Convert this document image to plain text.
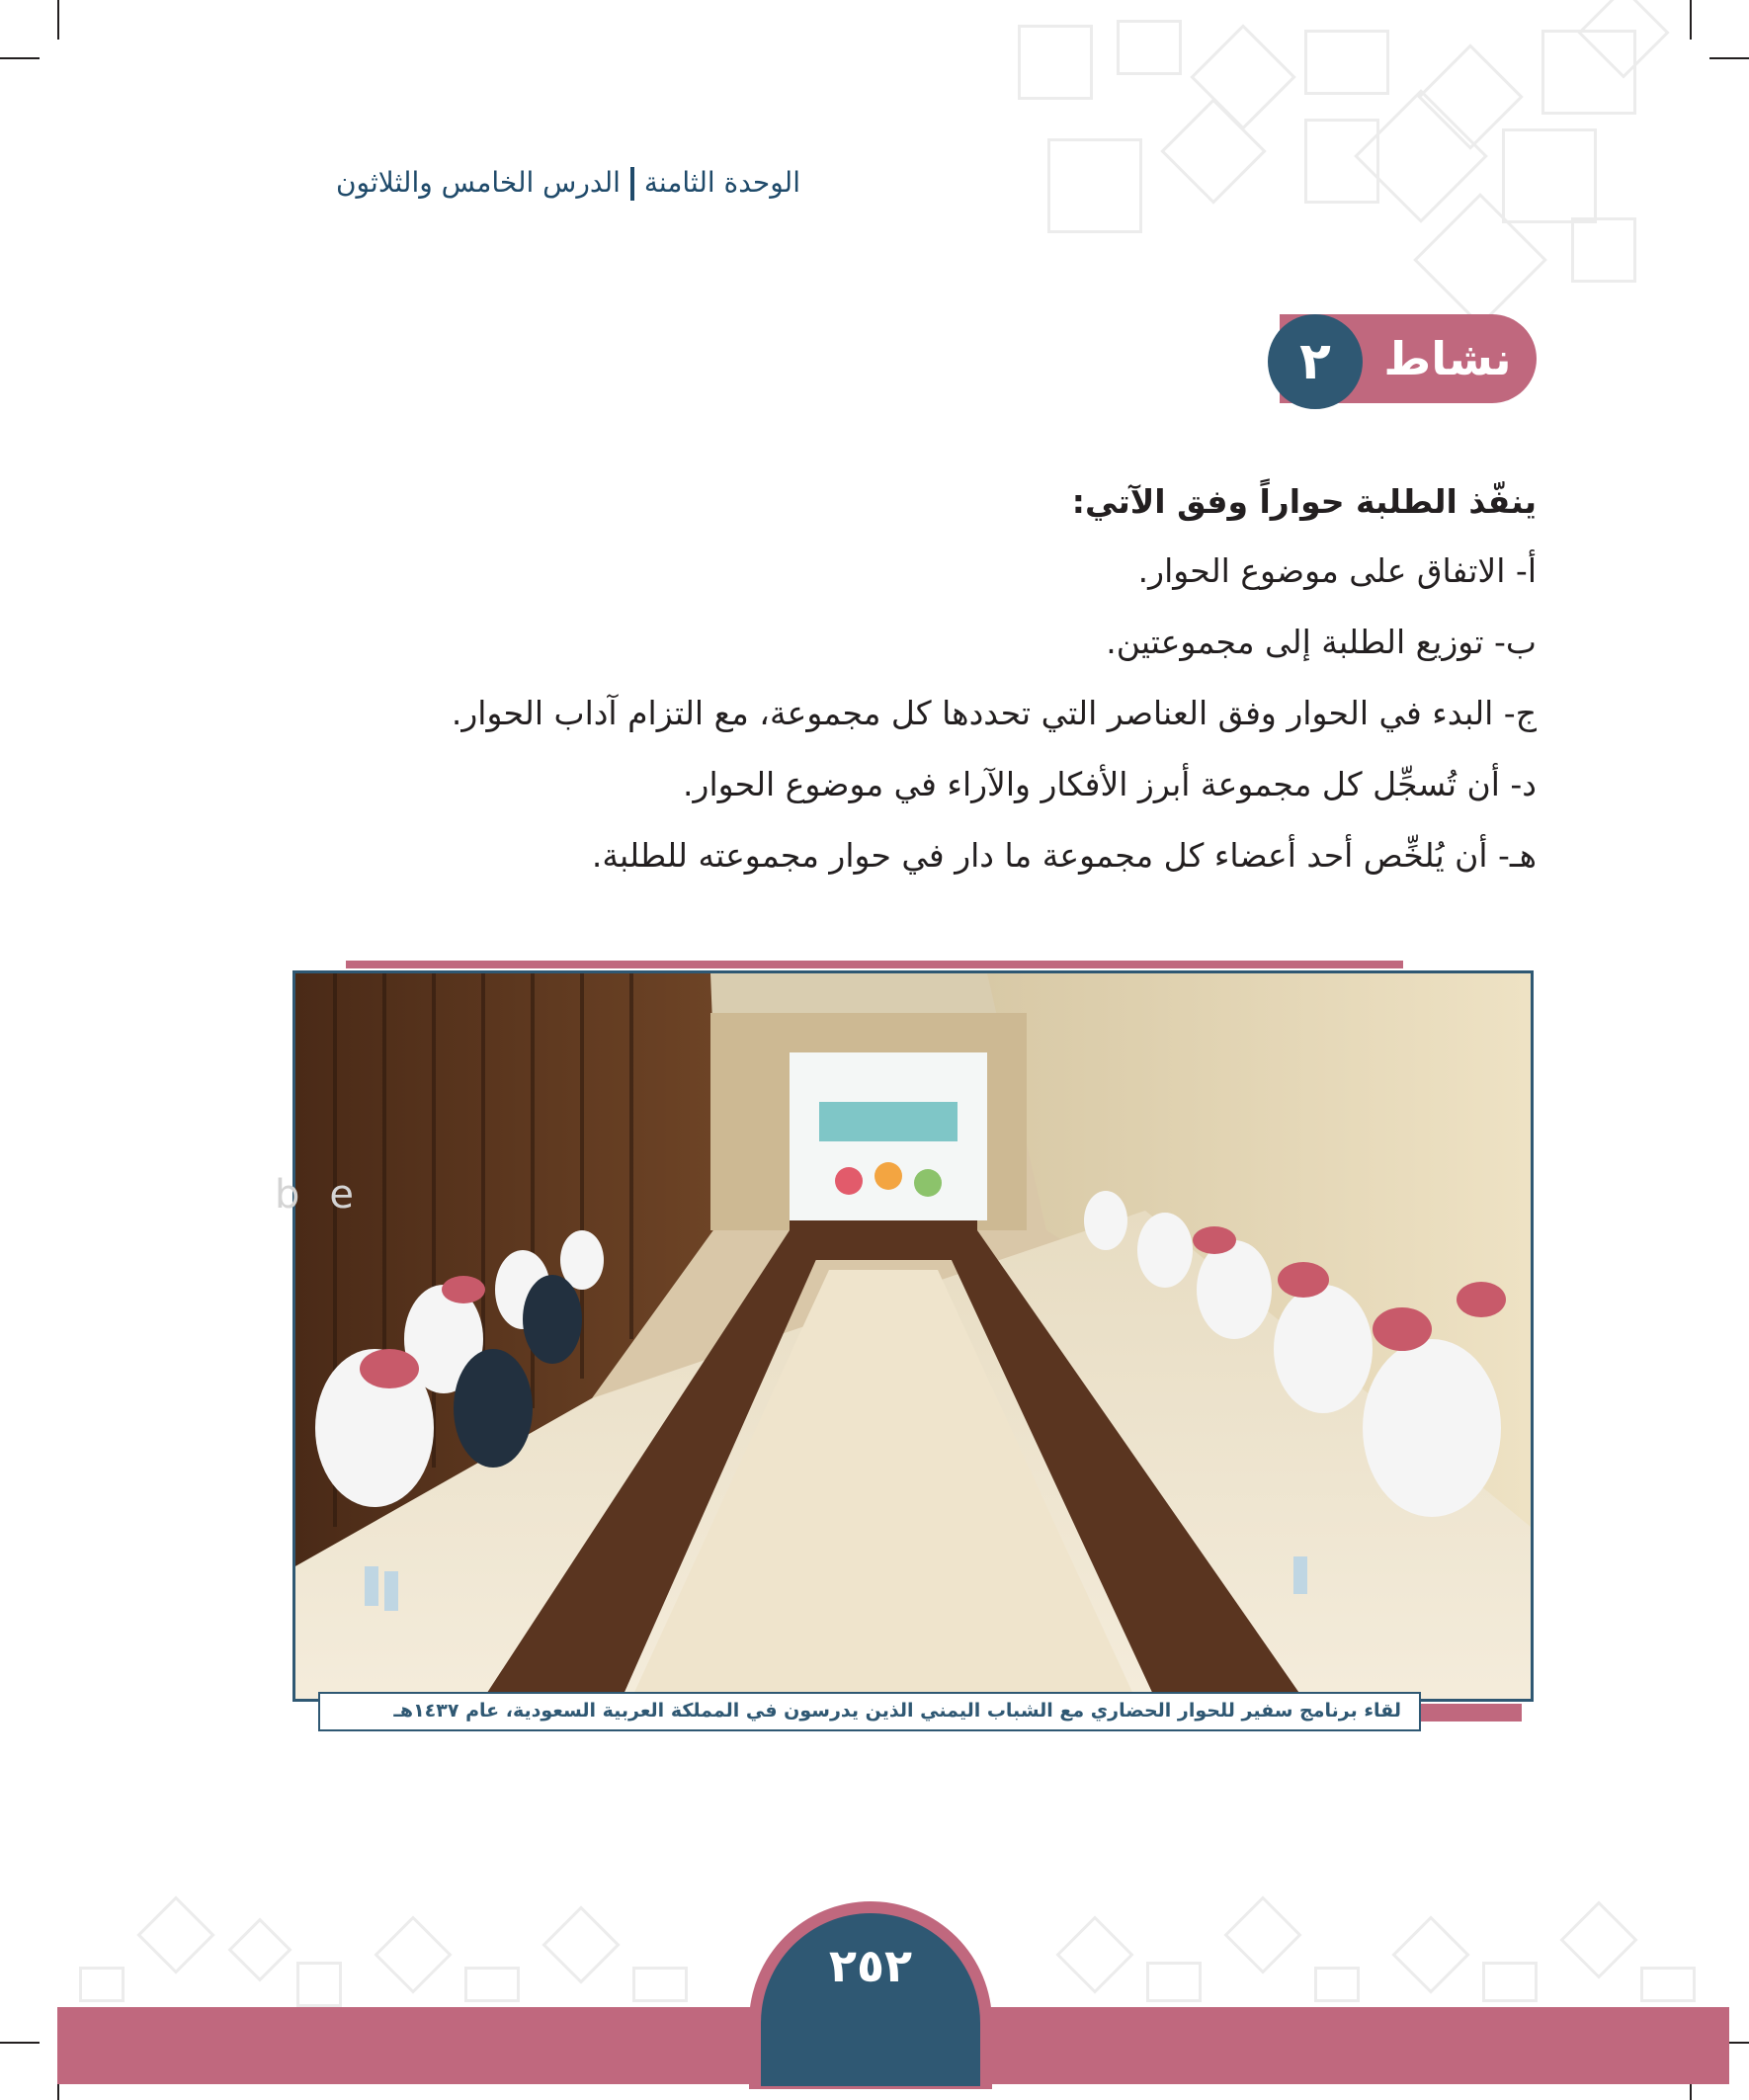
الوحدة الثامنةالدرس الخامس والثلاثون
نشاط
٢
ينفّذ الطلبة حواراً وفق الآتي:
أ- الاتفاق على موضوع الحوار.
ب- توزيع الطلبة إلى مجموعتين.
ج- البدء في الحوار وفق العناصر التي تحددها كل مجموعة، مع التزام آداب الحوار.
د- أن تُسجِّل كل مجموعة أبرز الأفكار والآراء في موضوع الحوار.
هـ- أن يُلخِّص أحد أعضاء كل مجموعة ما دار في حوار مجموعته للطلبة.
لقاء برنامج سفير للحوار الحضاري مع الشباب اليمني الذين يدرسون في المملكة العربية السعودية، عام ١٤٣٧هـ
be
٢٥٢
